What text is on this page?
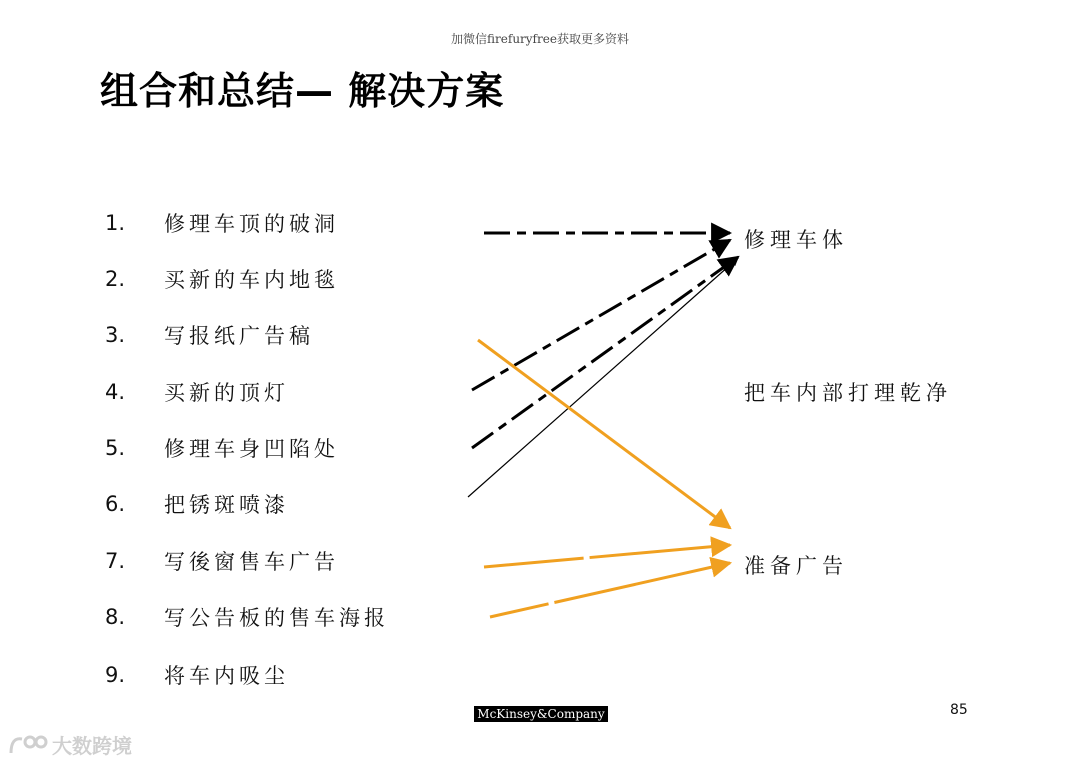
加微信firefuryfree获取更多资料
组合和总结— 解决方案
1.	修理车顶的破洞
2.	买新的车内地毯
3.	写报纸广告稿
4.	买新的顶灯
5.	修理车身凹陷处
6.	把锈斑喷漆
7.	写後窗售车广告
8.	写公告板的售车海报
9.	将车内吸尘
修理车体
把车内部打理乾净
准备广告
McKinsey&Company	85
大数跨境
